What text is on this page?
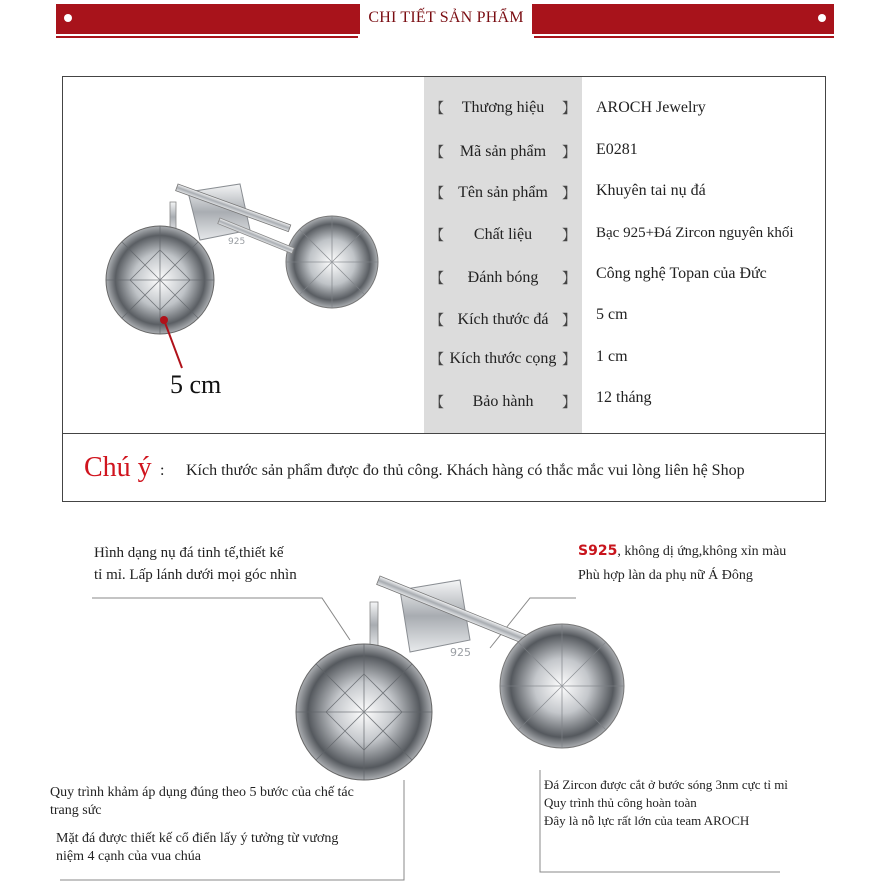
CHI TIẾT SẢN PHẨM
925
5 cm
【 Thương hiệu 】 AROCH Jewelry
【 Mã sản phẩm 】 E0281
【 Tên sản phẩm 】 Khuyên tai nụ đá
【 Chất liệu 】 Bạc 925+Đá Zircon nguyên khối
【 Đánh bóng 】 Công nghệ Topan của Đức
【 Kích thước đá 】 5 cm
【 Kích thước cọng 】 1 cm
【 Bảo hành 】 12 tháng
Chú ý : Kích thước sản phẩm được đo thủ công. Khách hàng có thắc mắc vui lòng liên hệ Shop
925
Hình dạng nụ đá tinh tế,thiết kế
tỉ mỉ. Lấp lánh dưới mọi góc nhìn
S925, không dị ứng,không xỉn màu
Phù hợp làn da phụ nữ Á Đông
Quy trình khảm áp dụng đúng theo 5 bước của chế tác
trang sức
Mặt đá được thiết kế cổ điển lấy ý tưởng từ vương
niệm 4 cạnh của vua chúa
Đá Zircon được cắt ở bước sóng 3nm cực tỉ mỉ
Quy trình thủ công hoàn toàn
Đây là nỗ lực rất lớn của team AROCH
